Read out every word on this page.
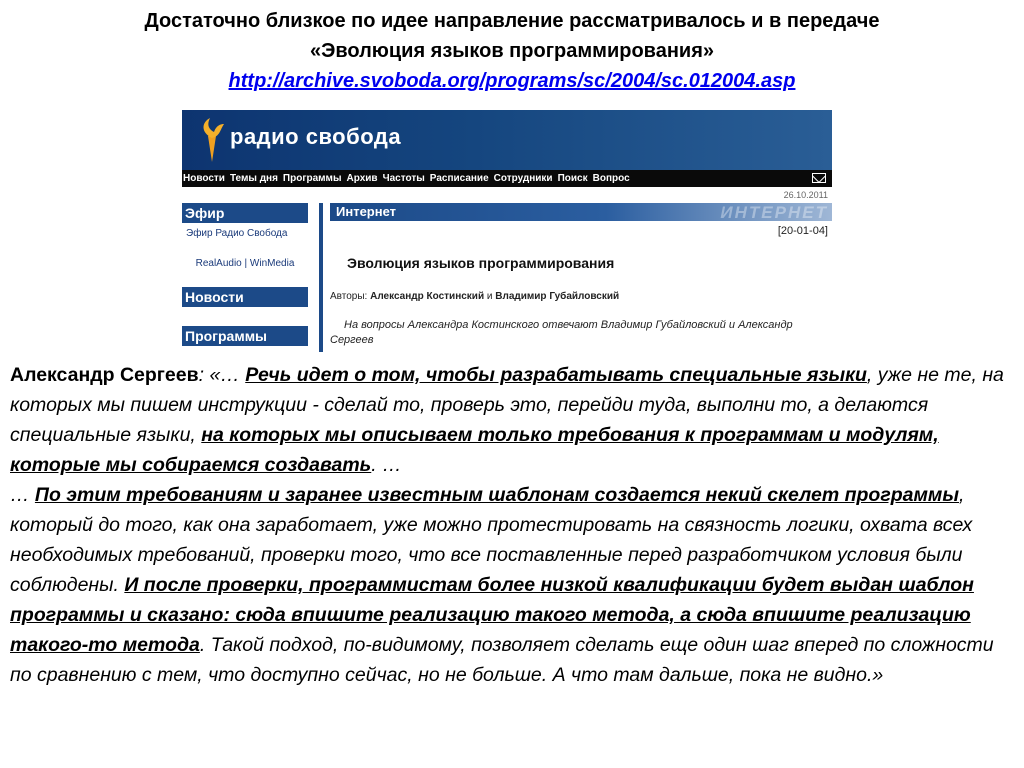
Достаточно близкое по идее направление рассматривалось и в передаче
«Эволюция языков программирования»
http://archive.svoboda.org/programs/sc/2004/sc.012004.asp
радио свобода
Новости Темы дня Программы Архив Частоты Расписание Сотрудники Поиск Вопрос
Эфир
Эфир Радио Свобода
RealAudio | WinMedia
Новости
Программы
26.10.2011
Интернет	ИНТЕРНЕТ
[20-01-04]
Эволюция языков программирования
Авторы: Александр Костинский и Владимир Губайловский
На вопросы Александра Костинского отвечают Владимир Губайловский и Александр Сергеев
Александр Сергеев: «… Речь идет о том, чтобы разрабатывать специальные языки, уже не те, на которых мы пишем инструкции - сделай то, проверь это, перейди туда, выполни то, а делаются специальные языки, на которых мы описываем только требования к программам и модулям, которые мы собираемся создавать. …
… По этим требованиям и заранее известным шаблонам создается некий скелет программы, который до того, как она заработает, уже можно протестировать на связность логики, охвата всех необходимых требований, проверки того, что все поставленные перед разработчиком условия были соблюдены. И после проверки, программистам более низкой квалификации будет выдан шаблон программы и сказано: сюда впишите реализацию такого метода, а сюда впишите реализацию такого-то метода. Такой подход, по-видимому, позволяет сделать еще один шаг вперед по сложности по сравнению с тем, что доступно сейчас, но не больше. А что там дальше, пока не видно.»
